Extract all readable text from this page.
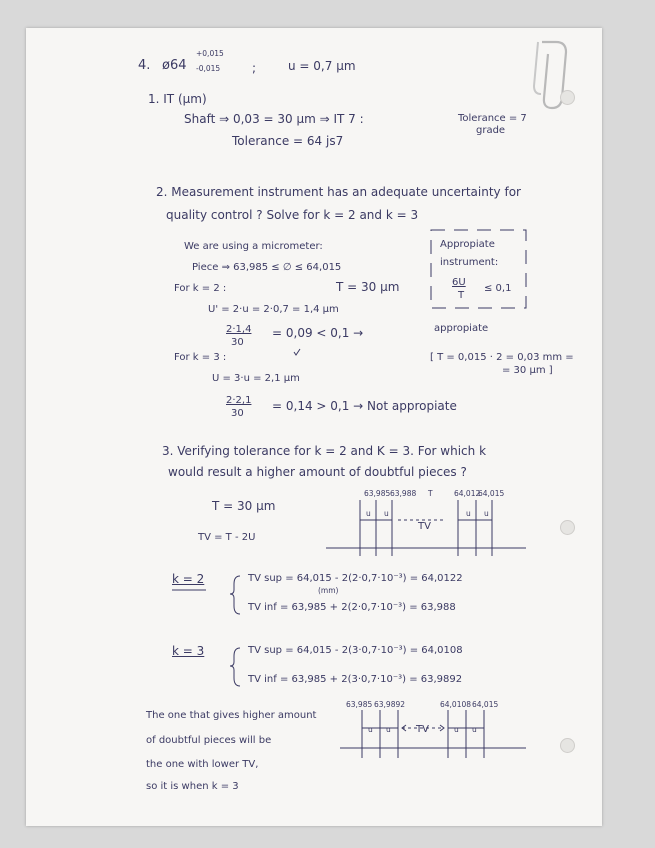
4. ø64
+0,015
-0,015	;	u = 0,7 μm
1. IT (μm)
Shaft ⇒ 0,03 = 30 μm ⇒ IT 7 :	Tolerance = 7
grade
Tolerance = 64 js7
2. Measurement instrument has an adequate uncertainty for
quality control ? Solve for k = 2 and k = 3
We are using a micrometer:
Piece ⇒ 63,985 ≤ ∅ ≤ 64,015
For k = 2 :	T = 30 μm
U' = 2·u = 2·0,7 = 1,4 μm
2·1,4
30
= 0,09 < 0,1 →	appropiate
Appropiate
instrument:
6U
T
≤ 0,1
For k = 3 :	[ T = 0,015 · 2 = 0,03 mm =
= 30 μm ]
U = 3·u = 2,1 μm
2·2,1
30
= 0,14 > 0,1 → Not appropiate
3. Verifying tolerance for k = 2 and K = 3. For which k
would result a higher amount of doubtful pieces ?
T = 30 μm
TV = T - 2U
63,985 63,988 T	64,012
64,015
u u	u u
TV
k = 2	TV sup = 64,015 - 2(2·0,7·10⁻³) = 64,0122
(mm)
TV inf = 63,985 + 2(2·0,7·10⁻³) = 63,988
k = 3	TV sup = 64,015 - 2(3·0,7·10⁻³) = 64,0108
TV inf = 63,985 + 2(3·0,7·10⁻³) = 63,9892
63,985 63,9892	64,0108 64,015
u u	u u
TV
The one that gives higher amount
of doubtful pieces will be
the one with lower TV,
so it is when k = 3
